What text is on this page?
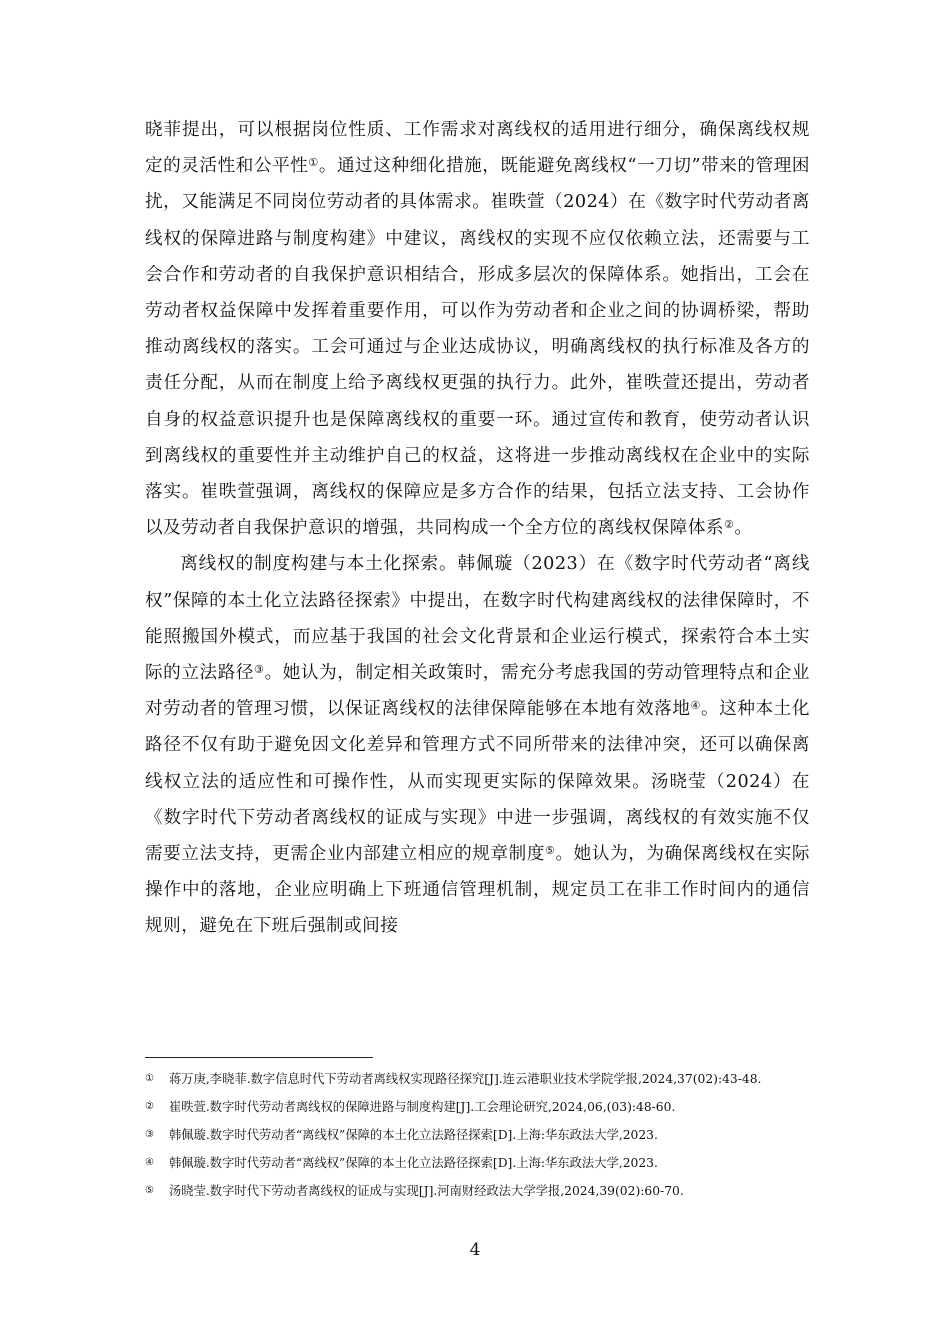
晓菲提出，可以根据岗位性质、工作需求对离线权的适用进行细分，确保离线权规定的灵活性和公平性①。通过这种细化措施，既能避免离线权“一刀切”带来的管理困扰，又能满足不同岗位劳动者的具体需求。崔昳萱（2024）在《数字时代劳动者离线权的保障进路与制度构建》中建议，离线权的实现不应仅依赖立法，还需要与工会合作和劳动者的自我保护意识相结合，形成多层次的保障体系。她指出，工会在劳动者权益保障中发挥着重要作用，可以作为劳动者和企业之间的协调桥梁，帮助推动离线权的落实。工会可通过与企业达成协议，明确离线权的执行标准及各方的责任分配，从而在制度上给予离线权更强的执行力。此外，崔昳萱还提出，劳动者自身的权益意识提升也是保障离线权的重要一环。通过宣传和教育，使劳动者认识到离线权的重要性并主动维护自己的权益，这将进一步推动离线权在企业中的实际落实。崔昳萱强调，离线权的保障应是多方合作的结果，包括立法支持、工会协作以及劳动者自我保护意识的增强，共同构成一个全方位的离线权保障体系②。

离线权的制度构建与本土化探索。韩佩璇（2023）在《数字时代劳动者“离线权”保障的本土化立法路径探索》中提出，在数字时代构建离线权的法律保障时，不能照搬国外模式，而应基于我国的社会文化背景和企业运行模式，探索符合本土实际的立法路径③。她认为，制定相关政策时，需充分考虑我国的劳动管理特点和企业对劳动者的管理习惯，以保证离线权的法律保障能够在本地有效落地④。这种本土化路径不仅有助于避免因文化差异和管理方式不同所带来的法律冲突，还可以确保离线权立法的适应性和可操作性，从而实现更实际的保障效果。汤晓莹（2024）在《数字时代下劳动者离线权的证成与实现》中进一步强调，离线权的有效实施不仅需要立法支持，更需企业内部建立相应的规章制度⑤。她认为，为确保离线权在实际操作中的落地，企业应明确上下班通信管理机制，规定员工在非工作时间内的通信规则，避免在下班后强制或间接

① 蒋万庚,李晓菲.数字信息时代下劳动者离线权实现路径探究[J].连云港职业技术学院学报,2024,37(02):43-48.
② 崔昳萱.数字时代劳动者离线权的保障进路与制度构建[J].工会理论研究,2024,06,(03):48-60.
③ 韩佩璇.数字时代劳动者“离线权”保障的本土化立法路径探索[D].上海:华东政法大学,2023.
④ 韩佩璇.数字时代劳动者“离线权”保障的本土化立法路径探索[D].上海:华东政法大学,2023.
⑤ 汤晓莹.数字时代下劳动者离线权的证成与实现[J].河南财经政法大学学报,2024,39(02):60-70.
4
